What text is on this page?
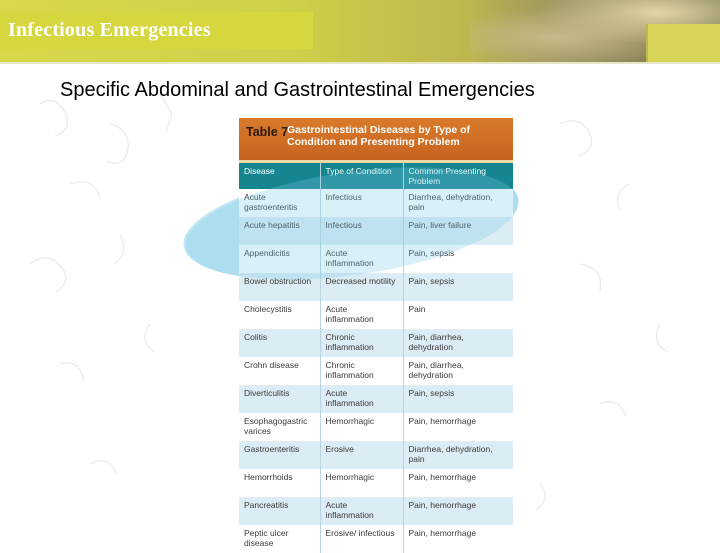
Infectious Emergencies
Specific Abdominal and Gastrointestinal Emergencies
Table 7
Gastrointestinal Diseases by Type of Condition and Presenting Problem
Disease	Type of Condition	Common Presenting Problem
Acute gastroenteritis	Infectious	Diarrhea, dehydration, pain
Acute hepatitis	Infectious	Pain, liver failure
Appendicitis	Acute inflammation	Pain, sepsis
Bowel obstruction	Decreased motility	Pain, sepsis
Cholecystitis	Acute inflammation	Pain
Colitis	Chronic inflammation	Pain, diarrhea, dehydration
Crohn disease	Chronic inflammation	Pain, diarrhea, dehydration
Diverticulitis	Acute inflammation	Pain, sepsis
Esophagogastric varices	Hemorrhagic	Pain, hemorrhage
Gastroenteritis	Erosive	Diarrhea, dehydration, pain
Hemorrhoids	Hemorrhagic	Pain, hemorrhage
Pancreatitis	Acute inflammation	Pain, hemorrhage
Peptic ulcer disease	Erosive/ infectious	Pain, hemorrhage
